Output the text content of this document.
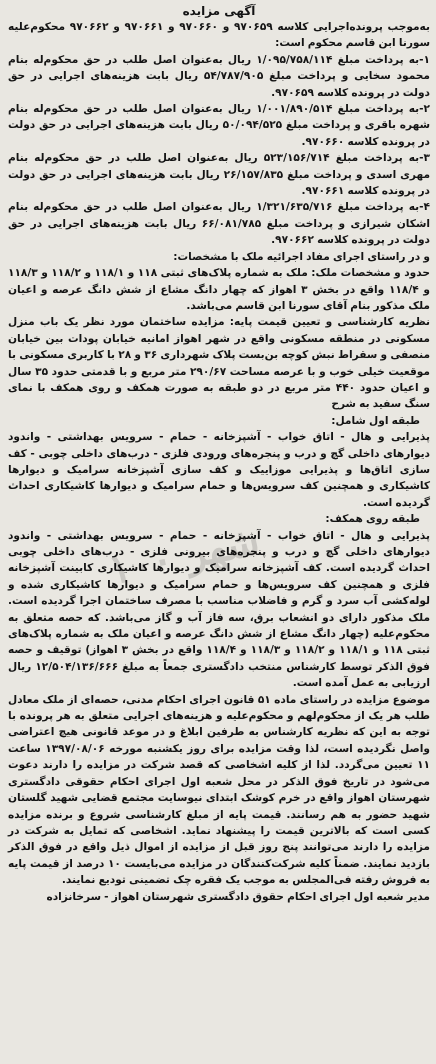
آگهی مزایده
به‌موجب پرونده‌اجرایی کلاسه ۹۷۰۶۵۹ و ۹۷۰۶۶۰ و ۹۷۰۶۶۱ و ۹۷۰۶۶۲ محکوم‌علیه سورنا ابن قاسم محکوم است:
۱-به پرداخت مبلغ ۱/۰۹۵/۷۵۸/۱۱۴ ریال به‌عنوان اصل طلب در حق محکوم‌له بنام محمود سخایی و پرداخت مبلغ ۵۴/۷۸۷/۹۰۵ ریال بابت هزینه‌های اجرایی در حق دولت در پرونده کلاسه ۹۷۰۶۵۹.
۲-به پرداخت مبلغ ۱/۰۰۱/۸۹۰/۵۱۴ ریال به‌عنوان اصل طلب در حق محکوم‌له بنام شهره باقری و پرداخت مبلغ ۵۰/۰۹۴/۵۲۵ ریال بابت هزینه‌های اجرایی در حق دولت در پرونده کلاسه ۹۷۰۶۶۰.
۳-به پرداخت مبلغ ۵۲۳/۱۵۶/۷۱۴ ریال به‌عنوان اصل طلب در حق محکوم‌له بنام مهری اسدی و پرداخت مبلغ ۲۶/۱۵۷/۸۳۵ ریال بابت هزینه‌های اجرایی در حق دولت در پرونده کلاسه ۹۷۰۶۶۱.
۴-به پرداخت مبلغ ۱/۳۲۱/۶۳۵/۷۱۶ ریال به‌عنوان اصل طلب در حق محکوم‌له بنام اشکان شیرازی و پرداخت مبلغ ۶۶/۰۸۱/۷۸۵ ریال بابت هزینه‌های اجرایی در حق دولت در پرونده کلاسه ۹۷۰۶۶۲.
و در راستای اجرای مفاد اجرائیه ملک با مشخصات:
حدود و مشخصات ملک: ملک به شماره پلاک‌های ثبتی ۱۱۸ و ۱۱۸/۱ و ۱۱۸/۲ و ۱۱۸/۳ و ۱۱۸/۴ واقع در بخش ۳ اهواز که چهار دانگ مشاع از شش دانگ عرصه و اعیان ملک مذکور بنام آقای سورنا ابن قاسم می‌باشد.
نظریه کارشناسی و تعیین قیمت پایه: مزایده ساختمان مورد نظر یک باب منزل مسکونی در منطقه مسکونی واقع در شهر اهواز امانیه خیابان پودات بین خیابان منصفی و سقراط نبش کوچه بن‌بست پلاک شهرداری ۳۶ و ۲۸ با کاربری مسکونی با موقعیت خیلی خوب و با عرصه مساحت ۲۹۰/۶۷ متر مربع و با قدمتی حدود ۳۵ سال و اعیان حدود ۴۴۰ متر مربع در دو طبقه به صورت همکف و روی همکف با نمای سنگ سفید به شرح
طبقه اول شامل:
پذیرایی و هال - اتاق خواب - آشپزخانه - حمام - سرویس بهداشتی - واندود دیوارهای داخلی گچ و درب و پنجره‌های ورودی فلزی - درب‌های داخلی چوبی - کف سازی اتاق‌ها و پذیرایی موزاییک و کف سازی آشپزخانه سرامیک و دیوارها کاشیکاری و همچنین کف سرویس‌ها و حمام سرامیک و دیوارها کاشیکاری احداث گردیده است.
طبقه روی همکف:
پذیرایی و هال - اتاق خواب - آشپزخانه - حمام - سرویس بهداشتی - واندود دیوارهای داخلی گچ و درب و پنجره‌های بیرونی فلزی - درب‌های داخلی چوبی احداث گردیده است. کف آشپزخانه سرامیک و دیوارها کاشیکاری کابینت آشپزخانه فلزی و همچنین کف سرویس‌ها و حمام سرامیک و دیوارها کاشیکاری شده و لوله‌کشی آب سرد و گرم و فاضلاب مناسب با مصرف ساختمان اجرا گردیده است. ملک مذکور دارای دو انشعاب برق، سه فاز آب و گاز می‌باشد. که حصه متعلق به محکوم‌علیه (چهار دانگ مشاع از شش دانگ عرصه و اعیان ملک به شماره پلاک‌های ثبتی ۱۱۸ و ۱۱۸/۱ و ۱۱۸/۲ و ۱۱۸/۳ و ۱۱۸/۴ واقع در بخش ۳ اهواز) توقیف و حصه فوق الذکر توسط کارشناس منتخب دادگستری جمعاً به مبلغ ۱۲/۵۰۴/۱۳۶/۶۶۶ ریال ارزیابی به عمل آمده است.
موضوع مزایده در راستای ماده ۵۱ قانون اجرای احکام مدنی، حصه‌ای از ملک معادل طلب هر یک از محکوم‌لهم و محکوم‌علیه و هزینه‌های اجرایی متعلق به هر پرونده با توجه به این که نظریه کارشناس به طرفین ابلاغ و در موعد قانونی هیچ اعتراضی واصل نگردیده است، لذا وقت مزایده برای روز یکشنبه مورخه ۱۳۹۷/۰۸/۰۶ ساعت ۱۱ تعیین می‌گردد. لذا از کلیه اشخاصی که قصد شرکت در مزایده را دارند دعوت می‌شود در تاریخ فوق الذکر در محل شعبه اول اجرای احکام حقوقی دادگستری شهرستان اهواز واقع در خرم کوشک ابتدای نیوسایت مجتمع قضایی شهید گلستان شهید حضور به هم رسانند. قیمت پایه از مبلغ کارشناسی شروع و برنده مزایده کسی است که بالاترین قیمت را پیشنهاد نماید. اشخاصی که تمایل به شرکت در مزایده را دارند می‌توانند پنج روز قبل از مزایده از اموال ذیل واقع در فوق الذکر بازدید نمایند. ضمناً کلیه شرکت‌کنندگان در مزایده می‌بایست ۱۰ درصد از قیمت پایه به فروش رفته فی‌المجلس به موجب یک فقره چک تضمینی تودیع نمایند.
مدیر شعبه اول اجرای احکام حقوق دادگستری شهرستان اهواز - سرخانزاده
شهر ۱۰۰
